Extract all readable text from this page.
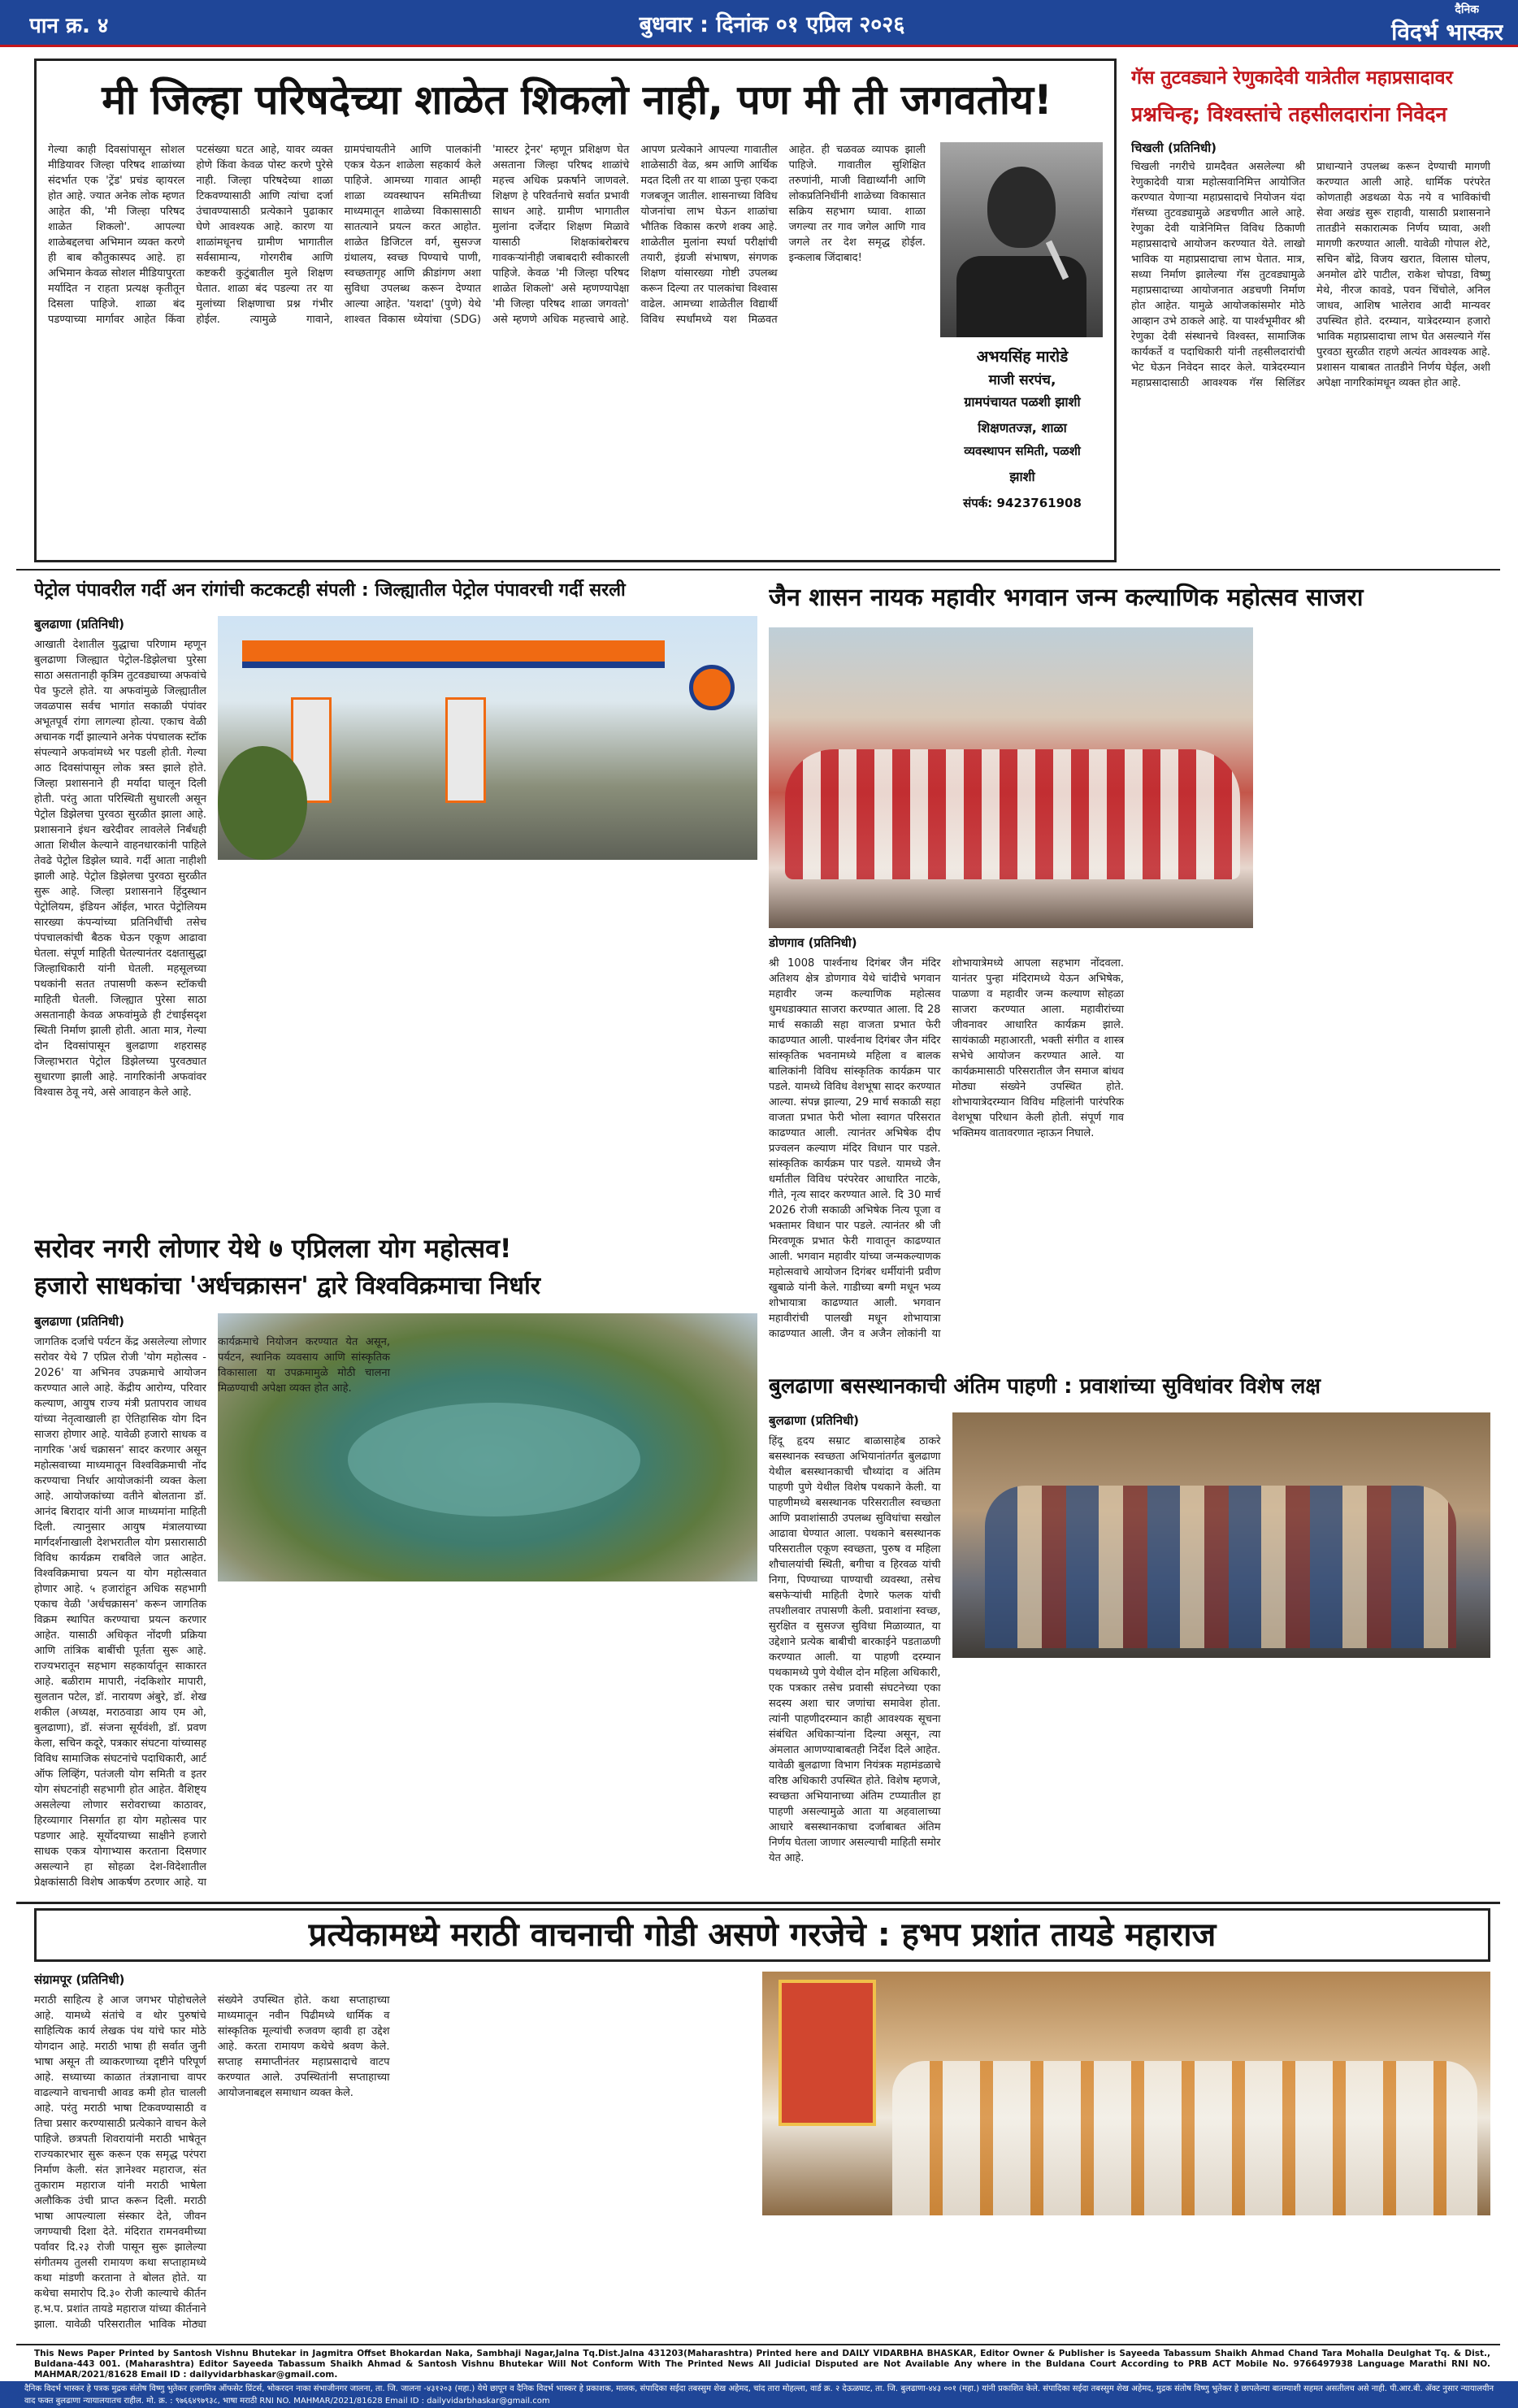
पान क्र. ४	बुधवार : दिनांक ०१ एप्रिल २०२६
दैनिक
विदर्भ भास्कर
मी जिल्हा परिषदेच्या शाळेत शिकलो नाही, पण मी ती जगवतोय!
गेल्या काही दिवसांपासून सोशल मीडियावर जिल्हा परिषद शाळांच्या संदर्भात एक 'ट्रेंड' प्रचंड व्हायरल होत आहे. ज्यात अनेक लोक म्हणत आहेत की, 'मी जिल्हा परिषद शाळेत शिकलो'. आपल्या शाळेबद्दलचा अभिमान व्यक्त करणे ही बाब कौतुकास्पद आहे. हा अभिमान केवळ सोशल मीडियापुरता मर्यादित न राहता प्रत्यक्ष कृतीतून दिसला पाहिजे. शाळा बंद पडण्याच्या मार्गावर आहेत किंवा पटसंख्या घटत आहे, यावर व्यक्त होणे किंवा केवळ पोस्ट करणे पुरेसे नाही. जिल्हा परिषदेच्या शाळा टिकवण्यासाठी आणि त्यांचा दर्जा उंचावण्यासाठी प्रत्येकाने पुढाकार घेणे आवश्यक आहे. कारण या शाळांमधूनच ग्रामीण भागातील सर्वसामान्य, गोरगरीब आणि कष्टकरी कुटुंबातील मुले शिक्षण घेतात. शाळा बंद पडल्या तर या मुलांच्या शिक्षणाचा प्रश्न गंभीर होईल. त्यामुळे गावाने, ग्रामपंचायतीने आणि पालकांनी एकत्र येऊन शाळेला सहकार्य केले पाहिजे. आमच्या गावात आम्ही शाळा व्यवस्थापन समितीच्या माध्यमातून शाळेच्या विकासासाठी सातत्याने प्रयत्न करत आहोत. शाळेत डिजिटल वर्ग, सुसज्ज ग्रंथालय, स्वच्छ पिण्याचे पाणी, स्वच्छतागृह आणि क्रीडांगण अशा सुविधा उपलब्ध करून देण्यात आल्या आहेत. 'यशदा' (पुणे) येथे शाश्वत विकास ध्येयांचा (SDG) 'मास्टर ट्रेनर' म्हणून प्रशिक्षण घेत असताना जिल्हा परिषद शाळांचे महत्त्व अधिक प्रकर्षाने जाणवले. शिक्षण हे परिवर्तनाचे सर्वात प्रभावी साधन आहे. ग्रामीण भागातील मुलांना दर्जेदार शिक्षण मिळावे यासाठी शिक्षकांबरोबरच गावकऱ्यांनीही जबाबदारी स्वीकारली पाहिजे. केवळ 'मी जिल्हा परिषद शाळेत शिकलो' असे म्हणण्यापेक्षा 'मी जिल्हा परिषद शाळा जगवतो' असे म्हणणे अधिक महत्त्वाचे आहे. आपण प्रत्येकाने आपल्या गावातील शाळेसाठी वेळ, श्रम आणि आर्थिक मदत दिली तर या शाळा पुन्हा एकदा गजबजून जातील. शासनाच्या विविध योजनांचा लाभ घेऊन शाळांचा भौतिक विकास करणे शक्य आहे. शाळेतील मुलांना स्पर्धा परीक्षांची तयारी, इंग्रजी संभाषण, संगणक शिक्षण यांसारख्या गोष्टी उपलब्ध करून दिल्या तर पालकांचा विश्वास वाढेल. आमच्या शाळेतील विद्यार्थी विविध स्पर्धांमध्ये यश मिळवत आहेत. ही चळवळ व्यापक झाली पाहिजे. गावातील सुशिक्षित तरुणांनी, माजी विद्यार्थ्यांनी आणि लोकप्रतिनिधींनी शाळेच्या विकासात सक्रिय सहभाग घ्यावा. शाळा जगल्या तर गाव जगेल आणि गाव जगले तर देश समृद्ध होईल. इन्कलाब जिंदाबाद!
अभयसिंह मारोडे
माजी सरपंच,
ग्रामपंचायत पळशी झाशी
शिक्षणतज्ज्ञ, शाळा
व्यवस्थापन समिती, पळशी
झाशी
संपर्क: 9423761908
गॅस तुटवड्याने रेणुकादेवी यात्रेतील महाप्रसादावर
प्रश्नचिन्ह; विश्वस्तांचे तहसीलदारांना निवेदन
चिखली (प्रतिनिधी)
चिखली नगरीचे ग्रामदैवत असलेल्या श्री रेणुकादेवी यात्रा महोत्सवानिमित्त आयोजित करण्यात येणाऱ्या महाप्रसादाचे नियोजन यंदा गॅसच्या तुटवड्यामुळे अडचणीत आले आहे. रेणुका देवी यात्रेनिमित्त विविध ठिकाणी महाप्रसादाचे आयोजन करण्यात येते. लाखो भाविक या महाप्रसादाचा लाभ घेतात. मात्र, सध्या निर्माण झालेल्या गॅस तुटवड्यामुळे महाप्रसादाच्या आयोजनात अडचणी निर्माण होत आहेत. यामुळे आयोजकांसमोर मोठे आव्हान उभे ठाकले आहे. या पार्श्वभूमीवर श्री रेणुका देवी संस्थानचे विश्वस्त, सामाजिक कार्यकर्ते व पदाधिकारी यांनी तहसीलदारांची भेट घेऊन निवेदन सादर केले. यात्रेदरम्यान महाप्रसादासाठी आवश्यक गॅस सिलिंडर प्राधान्याने उपलब्ध करून देण्याची मागणी करण्यात आली आहे. धार्मिक परंपरेत कोणताही अडथळा येऊ नये व भाविकांची सेवा अखंड सुरू राहावी, यासाठी प्रशासनाने तातडीने सकारात्मक निर्णय घ्यावा, अशी मागणी करण्यात आली. यावेळी गोपाल शेटे, सचिन बोंद्रे, विजय खरात, विलास घोलप, अनमोल ढोरे पाटील, राकेश चोपडा, विष्णु मेथे, नीरज कावडे, पवन चिंचोले, अनिल जाधव, आशिष भालेराव आदी मान्यवर उपस्थित होते. दरम्यान, यात्रेदरम्यान हजारो भाविक महाप्रसादाचा लाभ घेत असल्याने गॅस पुरवठा सुरळीत राहणे अत्यंत आवश्यक आहे. प्रशासन याबाबत तातडीने निर्णय घेईल, अशी अपेक्षा नागरिकांमधून व्यक्त होत आहे.
पेट्रोल पंपावरील गर्दी अन रांगांची कटकटही संपली : जिल्ह्यातील पेट्रोल पंपावरची गर्दी सरली
बुलढाणा (प्रतिनिधी)
आखाती देशातील युद्धाचा परिणाम म्हणून बुलढाणा जिल्ह्यात पेट्रोल-डिझेलचा पुरेसा साठा असतानाही कृत्रिम तुटवड्याच्या अफवांचे पेव फुटले होते. या अफवांमुळे जिल्ह्यातील जवळपास सर्वच भागांत सकाळी पंपांवर अभूतपूर्व रांगा लागल्या होत्या. एकाच वेळी अचानक गर्दी झाल्याने अनेक पंपचालक स्टॉक संपल्याने अफवांमध्ये भर पडली होती. गेल्या आठ दिवसांपासून लोक त्रस्त झाले होते. जिल्हा प्रशासनाने ही मर्यादा घालून दिली होती. परंतु आता परिस्थिती सुधारली असून पेट्रोल डिझेलचा पुरवठा सुरळीत झाला आहे. प्रशासनाने इंधन खरेदीवर लावलेले निर्बंधही आता शिथील केल्याने वाहनधारकांनी पाहिले तेवढे पेट्रोल डिझेल घ्यावे. गर्दी आता नाहीशी झाली आहे. पेट्रोल डिझेलचा पुरवठा सुरळीत सुरू आहे. जिल्हा प्रशासनाने हिंदुस्थान पेट्रोलियम, इंडियन ऑईल, भारत पेट्रोलियम सारख्या कंपन्यांच्या प्रतिनिधींची तसेच पंपचालकांची बैठक घेऊन एकूण आढावा घेतला. संपूर्ण माहिती घेतल्यानंतर दक्षतासुद्धा जिल्हाधिकारी यांनी घेतली. महसूलच्या पथकांनी सतत तपासणी करून स्टॉकची माहिती घेतली. जिल्ह्यात पुरेसा साठा असतानाही केवळ अफवांमुळे ही टंचाईसदृश स्थिती निर्माण झाली होती. आता मात्र, गेल्या दोन दिवसांपासून बुलढाणा शहरासह जिल्हाभरात पेट्रोल डिझेलच्या पुरवठ्यात सुधारणा झाली आहे. नागरिकांनी अफवांवर विश्वास ठेवू नये, असे आवाहन केले आहे.
जैन शासन नायक महावीर भगवान जन्म कल्याणिक महोत्सव साजरा
डोणगाव (प्रतिनिधी)
श्री 1008 पार्श्वनाथ दिगंबर जैन मंदिर अतिशय क्षेत्र डोणगाव येथे चांदीचे भगवान महावीर जन्म कल्याणिक महोत्सव धुमधडाक्यात साजरा करण्यात आला. दि 28 मार्च सकाळी सहा वाजता प्रभात फेरी काढण्यात आली. पार्श्वनाथ दिगंबर जैन मंदिर सांस्कृतिक भवनामध्ये महिला व बालक बालिकांनी विविध सांस्कृतिक कार्यक्रम पार पडले. यामध्ये विविध वेशभूषा सादर करण्यात आल्या. संपन्न झाल्या, 29 मार्च सकाळी सहा वाजता प्रभात फेरी भोला स्वागत परिसरात काढण्यात आली. त्यानंतर अभिषेक दीप प्रज्वलन कल्याण मंदिर विधान पार पडले. सांस्कृतिक कार्यक्रम पार पडले. यामध्ये जैन धर्मातील विविध परंपरेवर आधारित नाटके, गीते, नृत्य सादर करण्यात आले. दि 30 मार्च 2026 रोजी सकाळी अभिषेक नित्य पूजा व भक्तामर विधान पार पडले. त्यानंतर श्री जी मिरवणूक प्रभात फेरी गावातून काढण्यात आली. भगवान महावीर यांच्या जन्मकल्याणक महोत्सवाचे आयोजन दिगंबर धर्मीयांनी प्रवीण खुबाळे यांनी केले. गाडीच्या बग्गी मधून भव्य शोभायात्रा काढण्यात आली. भगवान महावीरांची पालखी मधून शोभायात्रा काढण्यात आली. जैन व अजैन लोकांनी या शोभायात्रेमध्ये आपला सहभाग नोंदवला. यानंतर पुन्हा मंदिरामध्ये येऊन अभिषेक, पाळणा व महावीर जन्म कल्याण सोहळा साजरा करण्यात आला. महावीरांच्या जीवनावर आधारित कार्यक्रम झाले. सायंकाळी महाआरती, भक्ती संगीत व शास्त्र सभेचे आयोजन करण्यात आले. या कार्यक्रमासाठी परिसरातील जैन समाज बांधव मोठ्या संख्येने उपस्थित होते. शोभायात्रेदरम्यान विविध महिलांनी पारंपरिक वेशभूषा परिधान केली होती. संपूर्ण गाव भक्तिमय वातावरणात न्हाऊन निघाले.
सरोवर नगरी लोणार येथे ७ एप्रिलला योग महोत्सव!
हजारो साधकांचा 'अर्धचक्रासन' द्वारे विश्वविक्रमाचा निर्धार
बुलढाणा (प्रतिनिधी)
जागतिक दर्जाचे पर्यटन केंद्र असलेल्या लोणार सरोवर येथे 7 एप्रिल रोजी 'योग महोत्सव - 2026' या अभिनव उपक्रमाचे आयोजन करण्यात आले आहे. केंद्रीय आरोग्य, परिवार कल्याण, आयुष राज्य मंत्री प्रतापराव जाधव यांच्या नेतृत्वाखाली हा ऐतिहासिक योग दिन साजरा होणार आहे. यावेळी हजारो साधक व नागरिक 'अर्ध चक्रासन' सादर करणार असून महोत्सवाच्या माध्यमातून विश्वविक्रमाची नोंद करण्याचा निर्धार आयोजकांनी व्यक्त केला आहे. आयोजकांच्या वतीने बोलताना डॉ. आनंद बिरादार यांनी आज माध्यमांना माहिती दिली. त्यानुसार आयुष मंत्रालयाच्या मार्गदर्शनाखाली देशभरातील योग प्रसारासाठी विविध कार्यक्रम राबविले जात आहेत. विश्वविक्रमाचा प्रयत्न या योग महोत्सवात होणार आहे. ५ हजारांहून अधिक सहभागी एकाच वेळी 'अर्धचक्रासन' करून जागतिक विक्रम स्थापित करण्याचा प्रयत्न करणार आहेत. यासाठी अधिकृत नोंदणी प्रक्रिया आणि तांत्रिक बाबींची पूर्तता सुरू आहे. राज्यभरातून सहभाग सहकार्यातून साकारत आहे. बळीराम मापारी, नंदकिशोर मापारी, सुलतान पटेल, डॉ. नारायण अंबुरे, डॉ. शेख शकील (अध्यक्ष, मराठवाडा आय एम ओ, बुलढाणा), डॉ. संजना सूर्यवंशी, डॉ. प्रवण केला, सचिन कदूरे, पत्रकार संघटना यांच्यासह विविध सामाजिक संघटनांचे पदाधिकारी, आर्ट ऑफ लिव्हिंग, पतंजली योग समिती व इतर योग संघटनांही सहभागी होत आहेत. वैशिष्ट्य असलेल्या लोणार सरोवराच्या काठावर, हिरव्यागार निसर्गात हा योग महोत्सव पार पडणार आहे. सूर्योदयाच्या साक्षीने हजारो साधक एकत्र योगाभ्यास करताना दिसणार असल्याने हा सोहळा देश-विदेशातील प्रेक्षकांसाठी विशेष आकर्षण ठरणार आहे. या कार्यक्रमाचे नियोजन करण्यात येत असून, पर्यटन, स्थानिक व्यवसाय आणि सांस्कृतिक विकासाला या उपक्रमामुळे मोठी चालना मिळण्याची अपेक्षा व्यक्त होत आहे.	बुलढाणा बसस्थानकाची अंतिम पाहणी : प्रवाशांच्या सुविधांवर विशेष लक्ष
बुलढाणा (प्रतिनिधी)
हिंदू हृदय सम्राट बाळासाहेब ठाकरे बसस्थानक स्वच्छता अभियानांतर्गत बुलढाणा येथील बसस्थानकाची चौथ्यांदा व अंतिम पाहणी पुणे येथील विशेष पथकाने केली. या पाहणीमध्ये बसस्थानक परिसरातील स्वच्छता आणि प्रवाशांसाठी उपलब्ध सुविधांचा सखोल आढावा घेण्यात आला. पथकाने बसस्थानक परिसरातील एकूण स्वच्छता, पुरुष व महिला शौचालयांची स्थिती, बगीचा व हिरवळ यांची निगा, पिण्याच्या पाण्याची व्यवस्था, तसेच बसफेऱ्यांची माहिती देणारे फलक यांची तपशीलवार तपासणी केली. प्रवाशांना स्वच्छ, सुरक्षित व सुसज्ज सुविधा मिळाव्यात, या उद्देशाने प्रत्येक बाबीची बारकाईने पडताळणी करण्यात आली. या पाहणी दरम्यान पथकामध्ये पुणे येथील दोन महिला अधिकारी, एक पत्रकार तसेच प्रवासी संघटनेच्या एका सदस्य अशा चार जणांचा समावेश होता. त्यांनी पाहणीदरम्यान काही आवश्यक सूचना संबंधित अधिकाऱ्यांना दिल्या असून, त्या अंमलात आणण्याबाबतही निर्देश दिले आहेत. यावेळी बुलढाणा विभाग नियंत्रक महामंडळाचे वरिष्ठ अधिकारी उपस्थित होते. विशेष म्हणजे, स्वच्छता अभियानाच्या अंतिम टप्प्यातील हा पाहणी असल्यामुळे आता या अहवालाच्या आधारे बसस्थानकाचा दर्जाबाबत अंतिम निर्णय घेतला जाणार असल्याची माहिती समोर येत आहे.
प्रत्येकामध्ये मराठी वाचनाची गोडी असणे गरजेचे : हभप प्रशांत तायडे महाराज
संग्रामपूर (प्रतिनिधी)
मराठी साहित्य हे आज जगभर पोहोचलेले आहे. यामध्ये संतांचे व थोर पुरुषांचे साहित्यिक कार्य लेखक पंथ यांचे फार मोठे योगदान आहे. मराठी भाषा ही सर्वात जुनी भाषा असून ती व्याकरणाच्या दृष्टीने परिपूर्ण आहे. सध्याच्या काळात तंत्रज्ञानाचा वापर वाढल्याने वाचनाची आवड कमी होत चालली आहे. परंतु मराठी भाषा टिकवण्यासाठी व तिचा प्रसार करण्यासाठी प्रत्येकाने वाचन केले पाहिजे. छत्रपती शिवरायांनी मराठी भाषेतून राज्यकारभार सुरू करून एक समृद्ध परंपरा निर्माण केली. संत ज्ञानेश्वर महाराज, संत तुकाराम महाराज यांनी मराठी भाषेला अलौकिक उंची प्राप्त करून दिली. मराठी भाषा आपल्याला संस्कार देते, जीवन जगण्याची दिशा देते. मंदिरात रामनवमीच्या पर्वावर दि.२३ रोजी पासून सुरू झालेल्या संगीतमय तुलसी रामायण कथा सप्ताहामध्ये कथा मांडणी करताना ते बोलत होते. या कथेचा समारोप दि.३० रोजी काल्याचे कीर्तन ह.भ.प. प्रशांत तायडे महाराज यांच्या कीर्तनाने झाला. यावेळी परिसरातील भाविक मोठ्या संख्येने उपस्थित होते. कथा सप्ताहाच्या माध्यमातून नवीन पिढीमध्ये धार्मिक व सांस्कृतिक मूल्यांची रुजवण व्हावी हा उद्देश आहे. करता रामायण कथेचे श्रवण केले. सप्ताह समाप्तीनंतर महाप्रसादाचे वाटप करण्यात आले. उपस्थितांनी सप्ताहाच्या आयोजनाबद्दल समाधान व्यक्त केले.
This News Paper Printed by Santosh Vishnu Bhutekar in Jagmitra Offset Bhokardan Naka, Sambhaji Nagar,Jalna Tq.Dist.Jalna 431203(Maharashtra) Printed here and DAILY VIDARBHA BHASKAR, Editor Owner & Publisher is Sayeeda Tabassum Shaikh Ahmad Chand Tara Mohalla Deulghat Tq. & Dist., Buldana-443 001. (Maharashtra) Editor Sayeeda Tabassum Shaikh Ahmad & Santosh Vishnu Bhutekar Will Not Conform With The Printed News All Judicial Disputed are Not Available Any where in the Buldana Court According to PRB ACT Mobile No. 9766497938 Language Marathi RNI NO. MAHMAR/2021/81628 Email ID : dailyvidarbhaskar@gmail.com.
दैनिक विदर्भ भास्कर हे पत्रक मुद्रक संतोष विष्णु भुतेकर हजगमित्र ऑफसेट प्रिंटर्स, भोकरदन नाका संभाजीनगर जालना, ता. जि. जालना -४३१२०३ (महा.) येथे छापून व दैनिक विदर्भ भास्कर हे प्रकाशक, मालक, संपादिका सईदा तबस्सुम शेख अहेमद, चांद तारा मोहल्ला, वार्ड क्र. २ देऊळघाट, ता. जि. बुलढाणा-४४३ ००१ (महा.) यांनी प्रकाशित केले. संपादिका सईदा तबस्सुम शेख अहेमद, मुद्रक संतोष विष्णु भुतेकर हे छापलेल्या बातम्याशी सहमत असतीलच असे नाही. पी.आर.बी. ॲक्ट नुसार न्यायालयीन वाद फक्त बुलढाणा न्यायालयातच राहील. मो. क्र. : ९७६६४९७९३८, भाषा मराठी RNI NO. MAHMAR/2021/81628 Email ID : dailyvidarbhaskar@gmail.com
